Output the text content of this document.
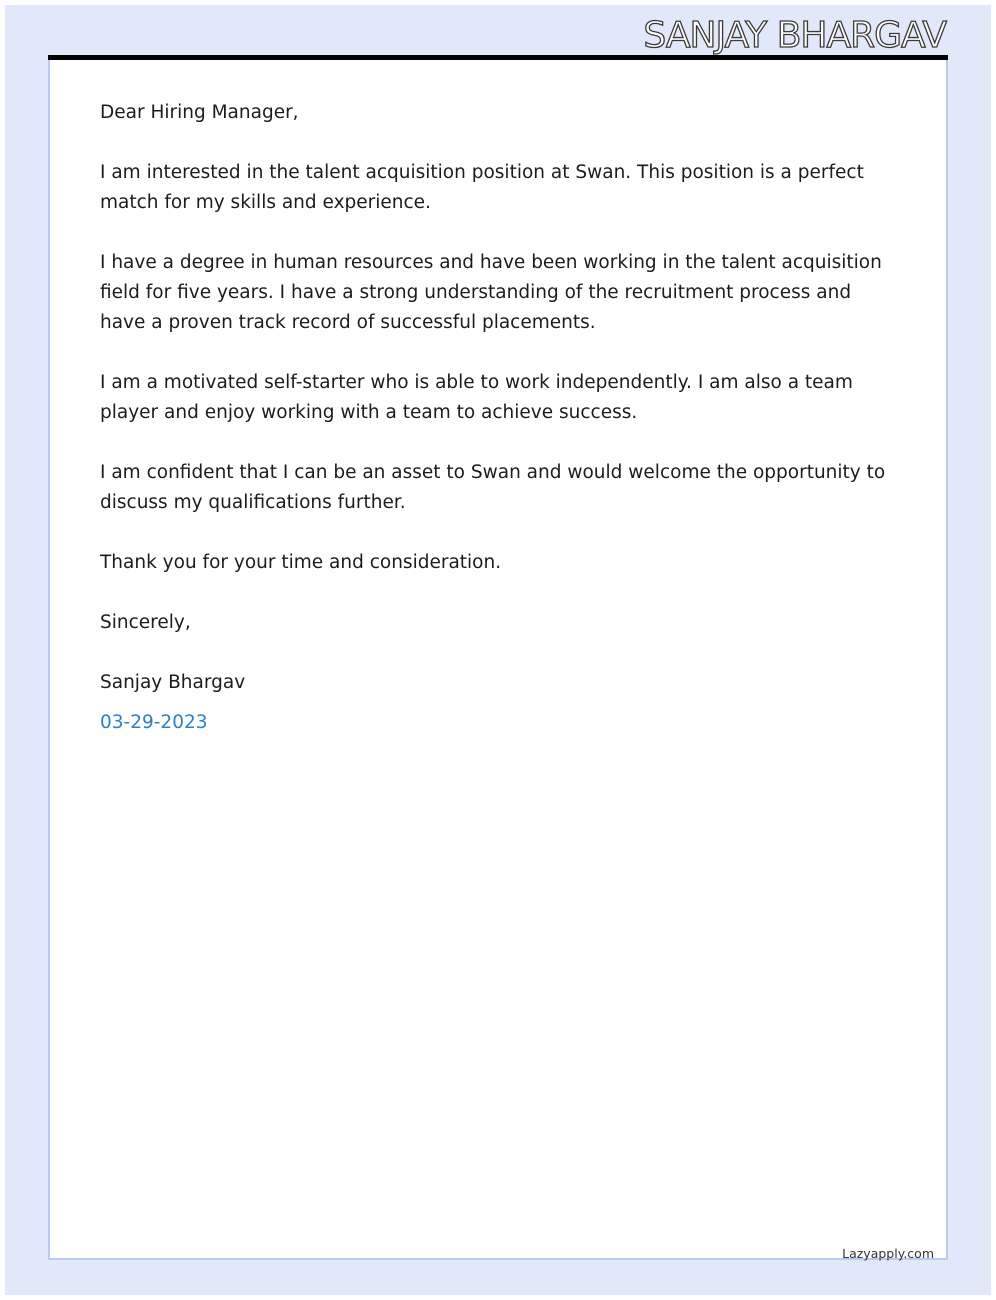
SANJAY BHARGAV

Dear Hiring Manager,

I am interested in the talent acquisition position at Swan. This position is a perfect match for my skills and experience.

I have a degree in human resources and have been working in the talent acquisition field for five years. I have a strong understanding of the recruitment process and have a proven track record of successful placements.

I am a motivated self-starter who is able to work independently. I am also a team player and enjoy working with a team to achieve success.

I am confident that I can be an asset to Swan and would welcome the opportunity to discuss my qualifications further.

Thank you for your time and consideration.

Sincerely,

Sanjay Bhargav

03-29-2023

Lazyapply.com
